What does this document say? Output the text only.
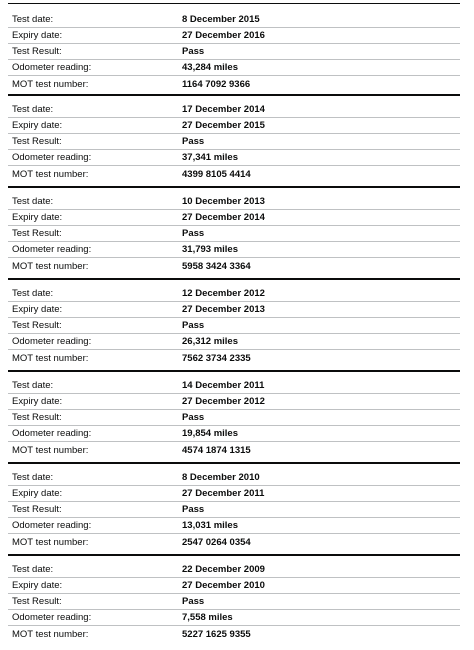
Test date:	8 December 2015
Expiry date:	27 December 2016
Test Result:	Pass
Odometer reading:	43,284 miles
MOT test number:	1164 7092 9366
Test date:	17 December 2014
Expiry date:	27 December 2015
Test Result:	Pass
Odometer reading:	37,341 miles
MOT test number:	4399 8105 4414
Test date:	10 December 2013
Expiry date:	27 December 2014
Test Result:	Pass
Odometer reading:	31,793 miles
MOT test number:	5958 3424 3364
Test date:	12 December 2012
Expiry date:	27 December 2013
Test Result:	Pass
Odometer reading:	26,312 miles
MOT test number:	7562 3734 2335
Test date:	14 December 2011
Expiry date:	27 December 2012
Test Result:	Pass
Odometer reading:	19,854 miles
MOT test number:	4574 1874 1315
Test date:	8 December 2010
Expiry date:	27 December 2011
Test Result:	Pass
Odometer reading:	13,031 miles
MOT test number:	2547 0264 0354
Test date:	22 December 2009
Expiry date:	27 December 2010
Test Result:	Pass
Odometer reading:	7,558 miles
MOT test number:	5227 1625 9355
